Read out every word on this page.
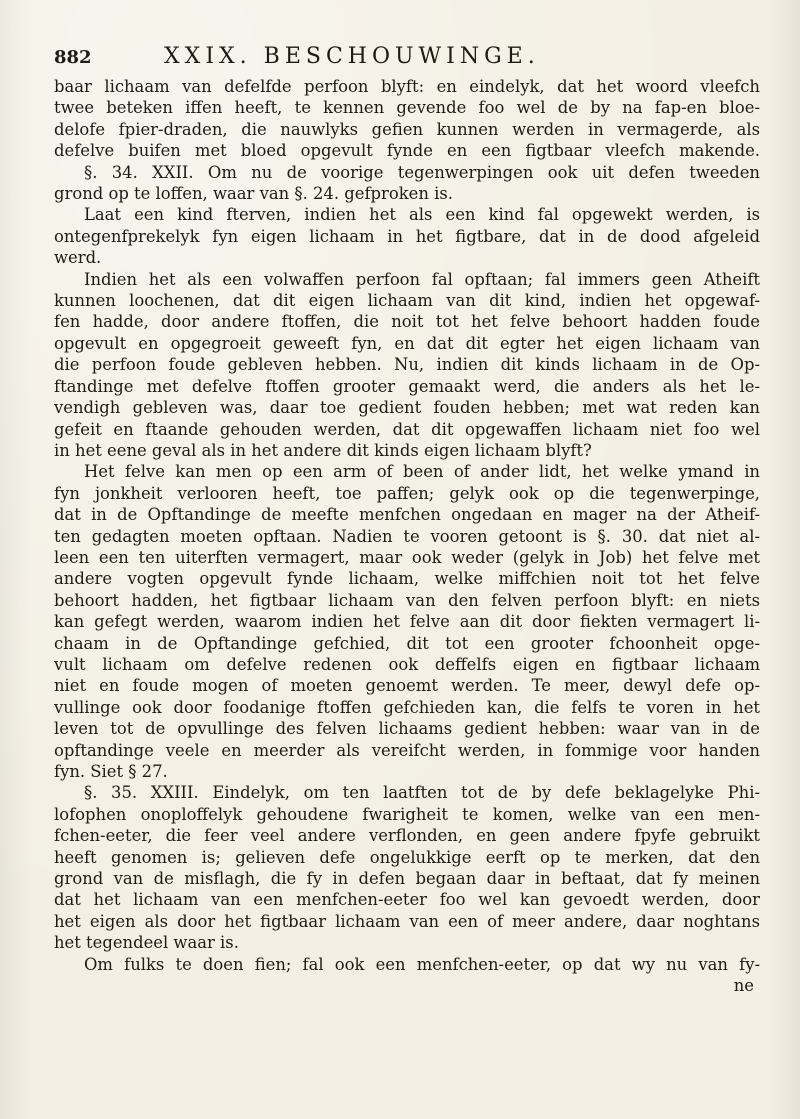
882	XXIX. BESCHOUWINGE.
baar lichaam van defelfde perfoon blyft: en eindelyk, dat het woord vleefch
twee beteken iffen heeft, te kennen gevende foo wel de by na fap-en bloe-
delofe fpier-draden, die nauwlyks gefien kunnen werden in vermagerde, als
defelve buifen met bloed opgevult fynde en een figtbaar vleefch makende.
§. 34. XXII. Om nu de voorige tegenwerpingen ook uit defen tweeden
grond op te loffen, waar van §. 24. gefproken is.
Laat een kind fterven, indien het als een kind fal opgewekt werden, is
ontegenfprekelyk fyn eigen lichaam in het figtbare, dat in de dood afgeleid
werd.
Indien het als een volwaffen perfoon fal opftaan; fal immers geen Atheift
kunnen loochenen, dat dit eigen lichaam van dit kind, indien het opgewaf-
fen hadde, door andere ftoffen, die noit tot het felve behoort hadden foude
opgevult en opgegroeit geweeft fyn, en dat dit egter het eigen lichaam van
die perfoon foude gebleven hebben. Nu, indien dit kinds lichaam in de Op-
ftandinge met defelve ftoffen grooter gemaakt werd, die anders als het le-
vendigh gebleven was, daar toe gedient fouden hebben; met wat reden kan
gefeit en ftaande gehouden werden, dat dit opgewaffen lichaam niet foo wel
in het eene geval als in het andere dit kinds eigen lichaam blyft?
Het felve kan men op een arm of been of ander lidt, het welke ymand in
fyn jonkheit verlooren heeft, toe paffen; gelyk ook op die tegenwerpinge,
dat in de Opftandinge de meefte menfchen ongedaan en mager na der Atheif-
ten gedagten moeten opftaan. Nadien te vooren getoont is §. 30. dat niet al-
leen een ten uiterften vermagert, maar ook weder (gelyk in Job) het felve met
andere vogten opgevult fynde lichaam, welke miffchien noit tot het felve
behoort hadden, het figtbaar lichaam van den felven perfoon blyft: en niets
kan gefegt werden, waarom indien het felve aan dit door fiekten vermagert li-
chaam in de Opftandinge gefchied, dit tot een grooter fchoonheit opge-
vult lichaam om defelve redenen ook deffelfs eigen en figtbaar lichaam
niet en foude mogen of moeten genoemt werden. Te meer, dewyl defe op-
vullinge ook door foodanige ftoffen gefchieden kan, die felfs te voren in het
leven tot de opvullinge des felven lichaams gedient hebben: waar van in de
opftandinge veele en meerder als vereifcht werden, in fommige voor handen
fyn. Siet § 27.
§. 35. XXIII. Eindelyk, om ten laatften tot de by defe beklagelyke Phi-
lofophen onoploffelyk gehoudene fwarigheit te komen, welke van een men-
fchen-eeter, die feer veel andere verflonden, en geen andere fpyfe gebruikt
heeft genomen is; gelieven defe ongelukkige eerft op te merken, dat den
grond van de misflagh, die fy in defen begaan daar in beftaat, dat fy meinen
dat het lichaam van een menfchen-eeter foo wel kan gevoedt werden, door
het eigen als door het figtbaar lichaam van een of meer andere, daar noghtans
het tegendeel waar is.
Om fulks te doen fien; fal ook een menfchen-eeter, op dat wy nu van fy-
ne
